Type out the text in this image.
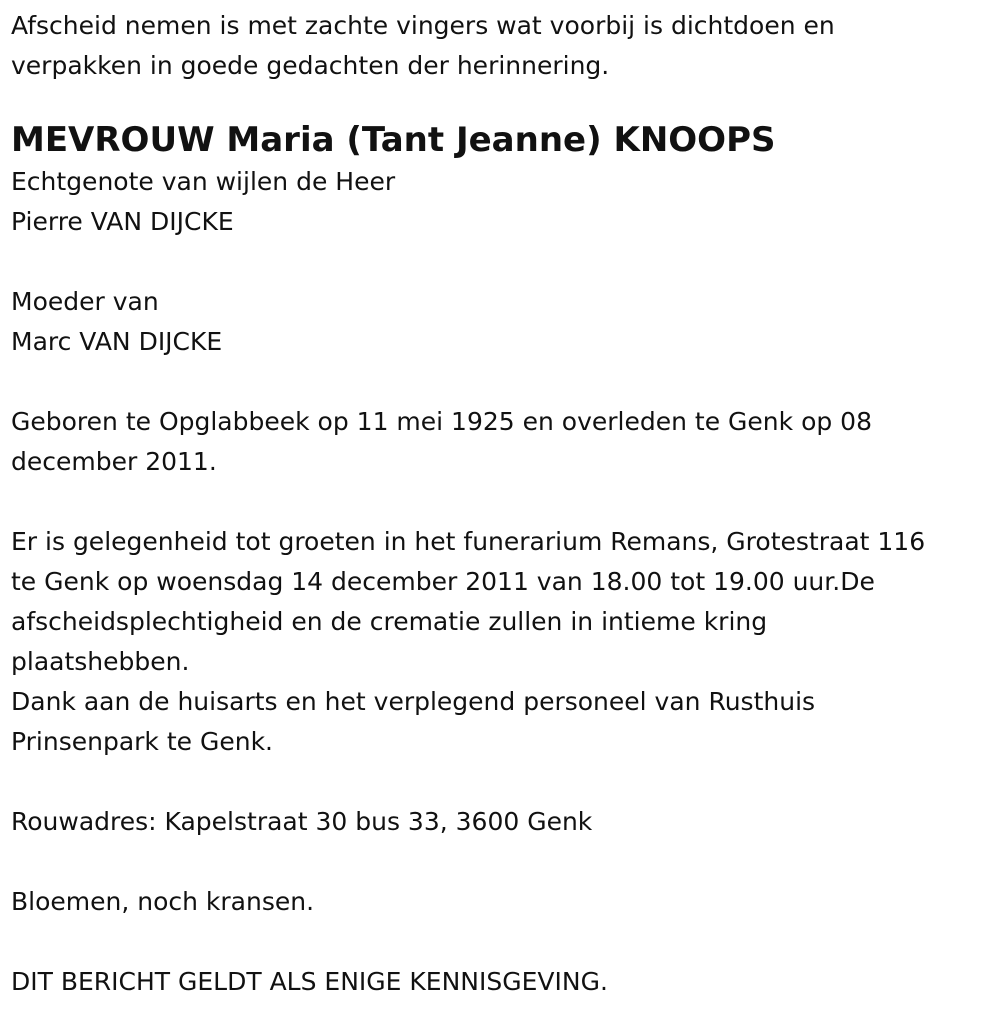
Afscheid nemen is met zachte vingers wat voorbij is dichtdoen en

verpakken in goede gedachten der herinnering.

MEVROUW Maria (Tant Jeanne) KNOOPS

Echtgenote van wijlen de Heer

Pierre VAN DIJCKE

Moeder van

Marc VAN DIJCKE

Geboren te Opglabbeek op 11 mei 1925 en overleden te Genk op 08

december 2011.

Er is gelegenheid tot groeten in het funerarium Remans, Grotestraat 116

te Genk op woensdag 14 december 2011 van 18.00 tot 19.00 uur.De

afscheidsplechtigheid en de crematie zullen in intieme kring

plaatshebben.

Dank aan de huisarts en het verplegend personeel van Rusthuis

Prinsenpark te Genk.

Rouwadres: Kapelstraat 30 bus 33, 3600 Genk

Bloemen, noch kransen.

DIT BERICHT GELDT ALS ENIGE KENNISGEVING.
